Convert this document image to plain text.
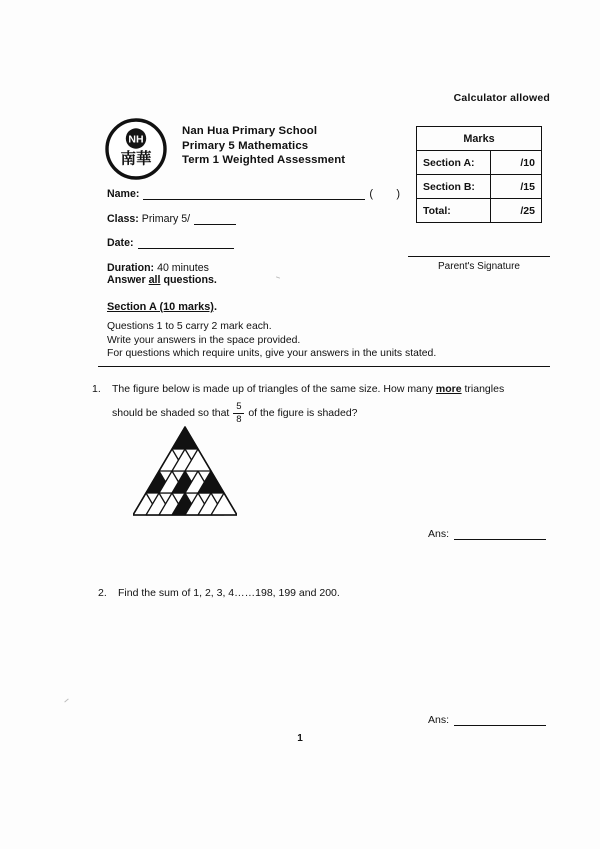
Calculator allowed
NH
南華
Nan Hua Primary School
Primary 5 Mathematics
Term 1 Weighted Assessment
Marks	
Section A:	/10
Section B:	/15
Total:	/25
Parent's Signature
Name:	(
)
Class: Primary 5/
Date:
Duration: 40 minutes
Answer all questions.
Section A (10 marks).
Questions 1 to 5 carry 2 mark each.
Write your answers in the space provided.
For questions which require units, give your answers in the units stated.
1.	The figure below is made up of triangles of the same size. How many more triangles
should be shaded so that $\frac{5}{8}$ of the figure is shaded?
Ans:
2.	Find the sum of 1, 2, 3, 4……198, 199 and 200.
Ans:
1
